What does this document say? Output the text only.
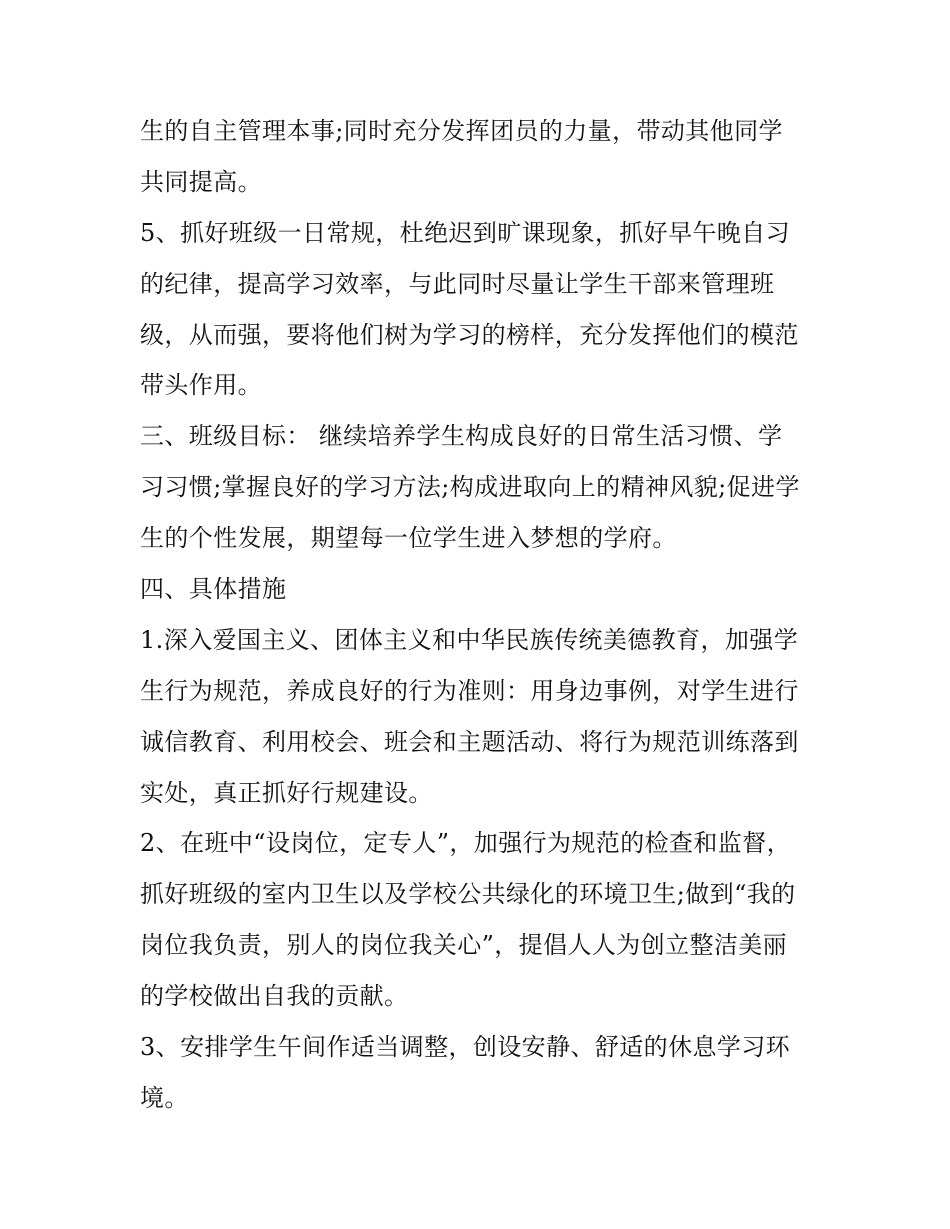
生的自主管理本事;同时充分发挥团员的力量，带动其他同学
共同提高。
5、抓好班级一日常规，杜绝迟到旷课现象，抓好早午晚自习
的纪律，提高学习效率，与此同时尽量让学生干部来管理班
级，从而强，要将他们树为学习的榜样，充分发挥他们的模范
带头作用。
三、班级目标： 继续培养学生构成良好的日常生活习惯、学
习习惯;掌握良好的学习方法;构成进取向上的精神风貌;促进学
生的个性发展，期望每一位学生进入梦想的学府。
四、具体措施
1.深入爱国主义、团体主义和中华民族传统美德教育，加强学
生行为规范，养成良好的行为准则：用身边事例，对学生进行
诚信教育、利用校会、班会和主题活动、将行为规范训练落到
实处，真正抓好行规建设。
2、在班中“设岗位，定专人”，加强行为规范的检查和监督，
抓好班级的室内卫生以及学校公共绿化的环境卫生;做到“我的
岗位我负责，别人的岗位我关心”，提倡人人为创立整洁美丽
的学校做出自我的贡献。
3、安排学生午间作适当调整，创设安静、舒适的休息学习环
境。
